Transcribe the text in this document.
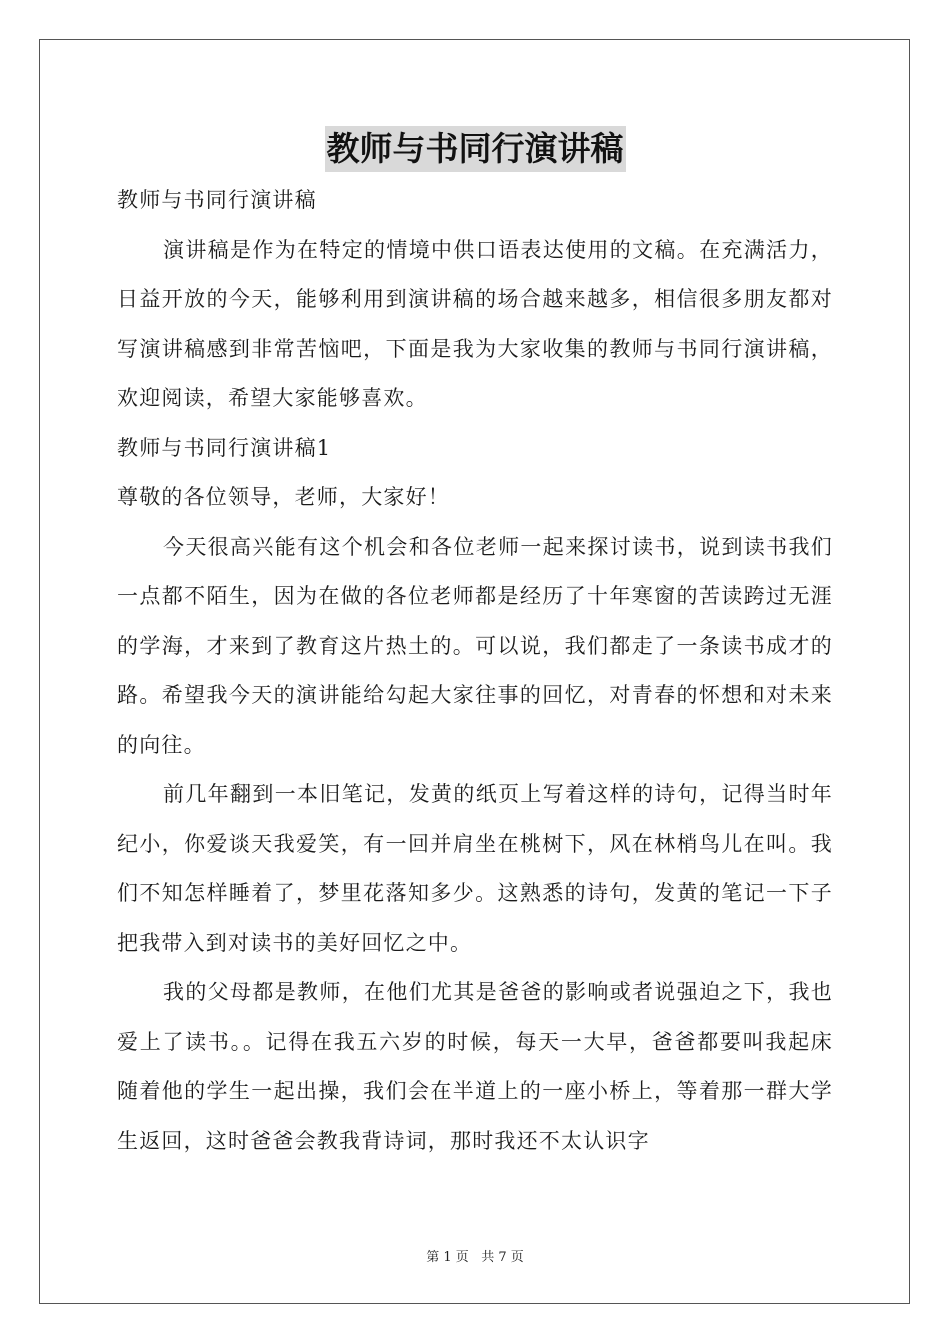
教师与书同行演讲稿

教师与书同行演讲稿

演讲稿是作为在特定的情境中供口语表达使用的文稿。在充满活力，日益开放的今天，能够利用到演讲稿的场合越来越多，相信很多朋友都对写演讲稿感到非常苦恼吧，下面是我为大家收集的教师与书同行演讲稿，欢迎阅读，希望大家能够喜欢。

教师与书同行演讲稿1

尊敬的各位领导，老师，大家好！

今天很高兴能有这个机会和各位老师一起来探讨读书，说到读书我们一点都不陌生，因为在做的各位老师都是经历了十年寒窗的苦读跨过无涯的学海，才来到了教育这片热土的。可以说，我们都走了一条读书成才的路。希望我今天的演讲能给勾起大家往事的回忆，对青春的怀想和对未来的向往。

前几年翻到一本旧笔记，发黄的纸页上写着这样的诗句，记得当时年纪小，你爱谈天我爱笑，有一回并肩坐在桃树下，风在林梢鸟儿在叫。我们不知怎样睡着了，梦里花落知多少。这熟悉的诗句，发黄的笔记一下子把我带入到对读书的美好回忆之中。

我的父母都是教师，在他们尤其是爸爸的影响或者说强迫之下，我也爱上了读书。。记得在我五六岁的时候，每天一大早，爸爸都要叫我起床随着他的学生一起出操，我们会在半道上的一座小桥上，等着那一群大学生返回，这时爸爸会教我背诗词，那时我还不太认识字

第 1 页   共 7 页
